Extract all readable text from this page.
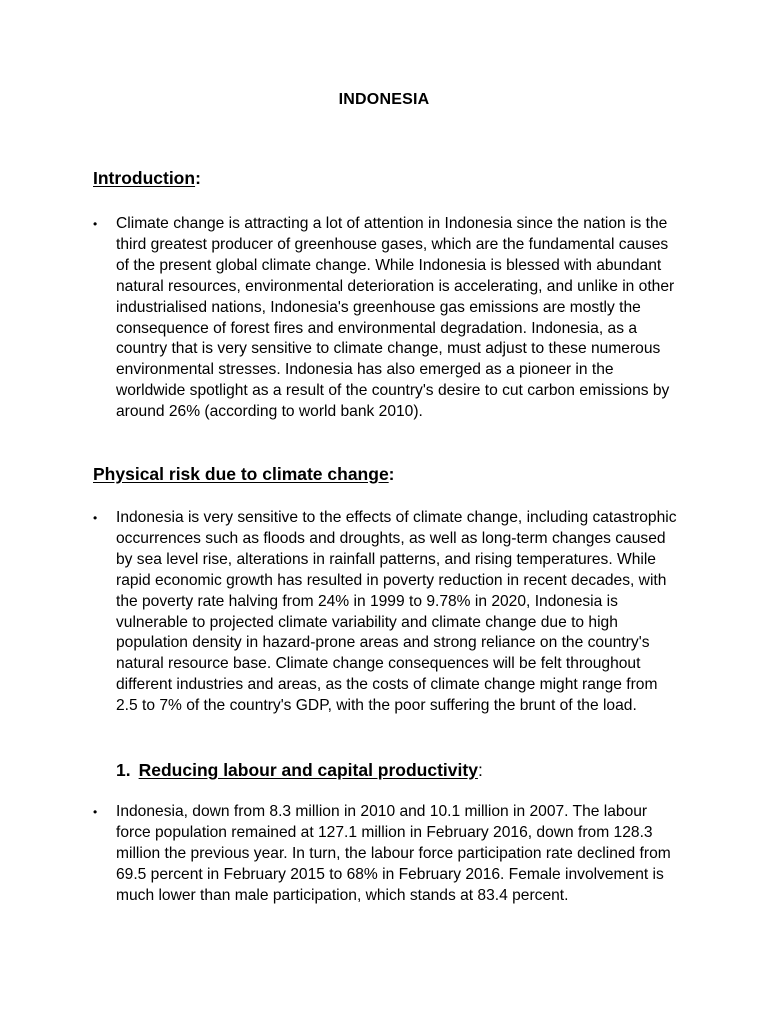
INDONESIA
Introduction:
•	Climate change is attracting a lot of attention in Indonesia since the nation is the third greatest producer of greenhouse gases, which are the fundamental causes of the present global climate change. While Indonesia is blessed with abundant natural resources, environmental deterioration is accelerating, and unlike in other industrialised nations, Indonesia's greenhouse gas emissions are mostly the consequence of forest fires and environmental degradation. Indonesia, as a country that is very sensitive to climate change, must adjust to these numerous environmental stresses. Indonesia has also emerged as a pioneer in the worldwide spotlight as a result of the country's desire to cut carbon emissions by around 26% (according to world bank 2010).
Physical risk due to climate change:
•	Indonesia is very sensitive to the effects of climate change, including catastrophic occurrences such as floods and droughts, as well as long-term changes caused by sea level rise, alterations in rainfall patterns, and rising temperatures. While rapid economic growth has resulted in poverty reduction in recent decades, with the poverty rate halving from 24% in 1999 to 9.78% in 2020, Indonesia is vulnerable to projected climate variability and climate change due to high population density in hazard-prone areas and strong reliance on the country's natural resource base. Climate change consequences will be felt throughout different industries and areas, as the costs of climate change might range from 2.5 to 7% of the country's GDP, with the poor suffering the brunt of the load.
1. Reducing labour and capital productivity:
•	Indonesia, down from 8.3 million in 2010 and 10.1 million in 2007. The labour force population remained at 127.1 million in February 2016, down from 128.3 million the previous year. In turn, the labour force participation rate declined from 69.5 percent in February 2015 to 68% in February 2016. Female involvement is much lower than male participation, which stands at 83.4 percent.
